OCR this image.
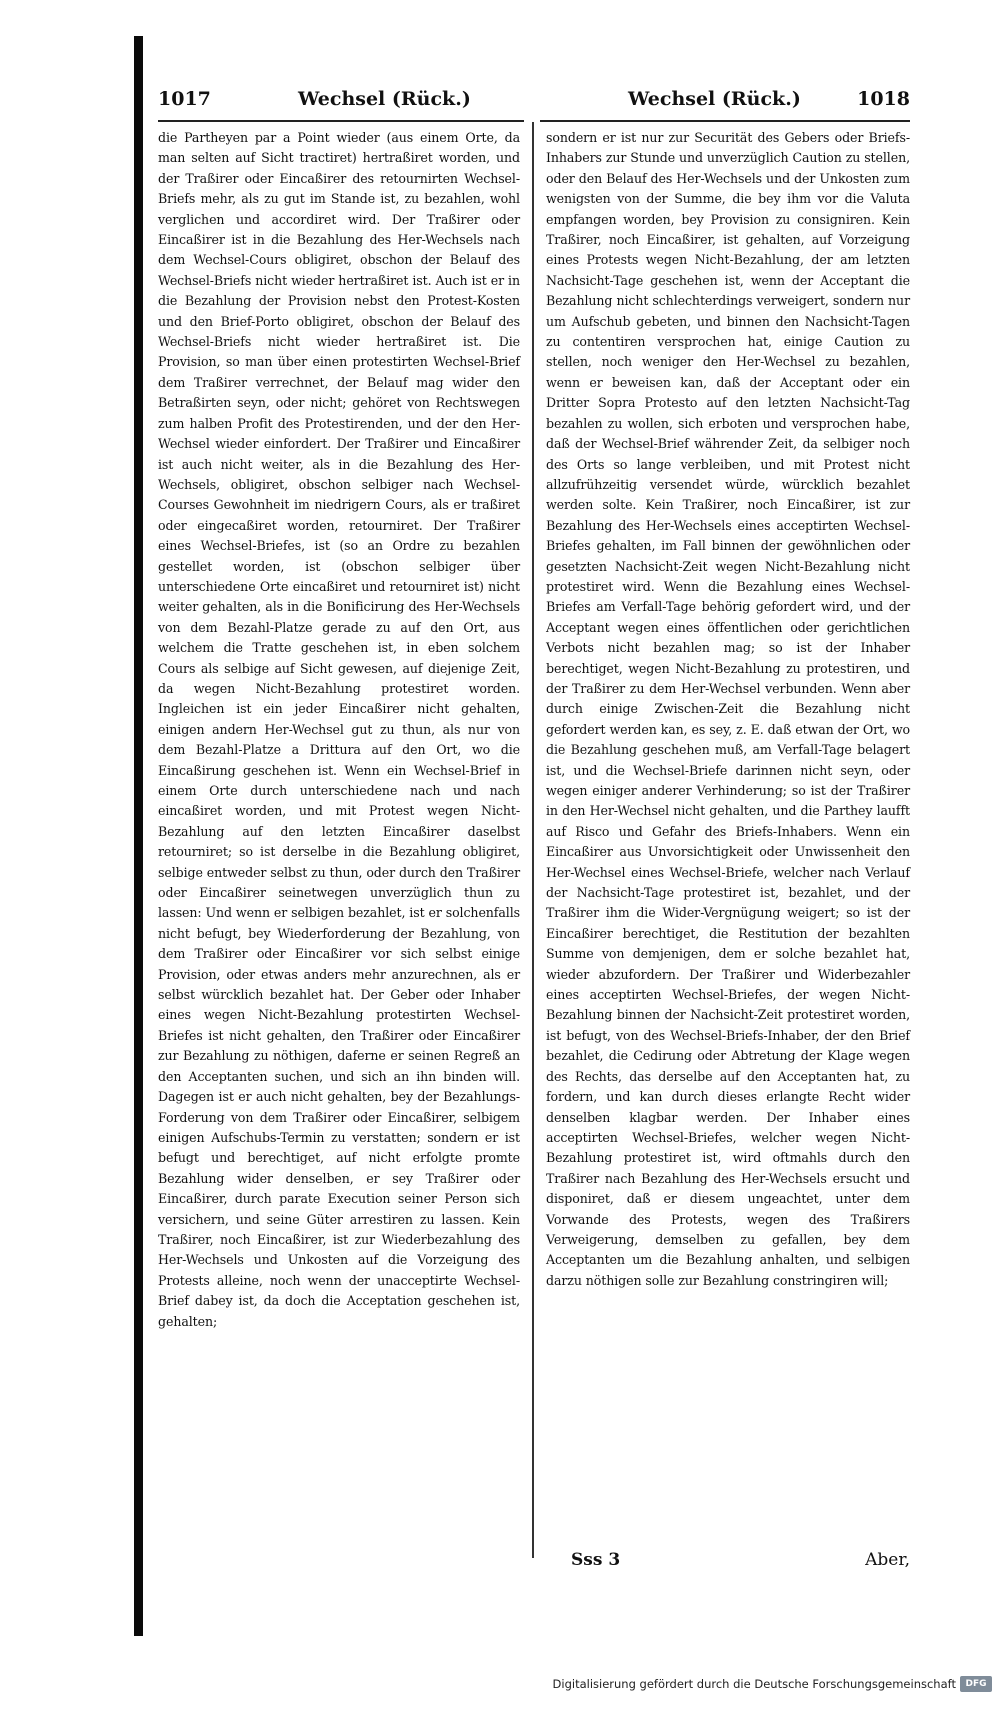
1017	Wechsel (Rück.)	Wechsel (Rück.)	1018
die Partheyen par a Point wieder (aus einem Orte, da man selten auf Sicht tractiret) hertraßiret worden, und der Traßirer oder Eincaßirer des retournirten Wechsel-Briefs mehr, als zu gut im Stande ist, zu bezahlen, wohl verglichen und accordiret wird. Der Traßirer oder Eincaßirer ist in die Bezahlung des Her-Wechsels nach dem Wechsel-Cours obligiret, obschon der Belauf des Wechsel-Briefs nicht wieder hertraßiret ist. Auch ist er in die Bezahlung der Provision nebst den Protest-Kosten und den Brief-Porto obligiret, obschon der Belauf des Wechsel-Briefs nicht wieder hertraßiret ist. Die Provision, so man über einen protestirten Wechsel-Brief dem Traßirer verrechnet, der Belauf mag wider den Betraßirten seyn, oder nicht; gehöret von Rechtswegen zum halben Profit des Protestirenden, und der den Her-Wechsel wieder einfordert. Der Traßirer und Eincaßirer ist auch nicht weiter, als in die Bezahlung des Her-Wechsels, obligiret, obschon selbiger nach Wechsel-Courses Gewohnheit im niedrigern Cours, als er traßiret oder eingecaßiret worden, retourniret. Der Traßirer eines Wechsel-Briefes, ist (so an Ordre zu bezahlen gestellet worden, ist (obschon selbiger über unterschiedene Orte eincaßiret und retourniret ist) nicht weiter gehalten, als in die Bonificirung des Her-Wechsels von dem Bezahl-Platze gerade zu auf den Ort, aus welchem die Tratte geschehen ist, in eben solchem Cours als selbige auf Sicht gewesen, auf diejenige Zeit, da wegen Nicht-Bezahlung protestiret worden. Ingleichen ist ein jeder Eincaßirer nicht gehalten, einigen andern Her-Wechsel gut zu thun, als nur von dem Bezahl-Platze a Drittura auf den Ort, wo die Eincaßirung geschehen ist. Wenn ein Wechsel-Brief in einem Orte durch unterschiedene nach und nach eincaßiret worden, und mit Protest wegen Nicht-Bezahlung auf den letzten Eincaßirer daselbst retourniret; so ist derselbe in die Bezahlung obligiret, selbige entweder selbst zu thun, oder durch den Traßirer oder Eincaßirer seinetwegen unverzüglich thun zu lassen: Und wenn er selbigen bezahlet, ist er solchenfalls nicht befugt, bey Wiederforderung der Bezahlung, von dem Traßirer oder Eincaßirer vor sich selbst einige Provision, oder etwas anders mehr anzurechnen, als er selbst würcklich bezahlet hat. Der Geber oder Inhaber eines wegen Nicht-Bezahlung protestirten Wechsel-Briefes ist nicht gehalten, den Traßirer oder Eincaßirer zur Bezahlung zu nöthigen, daferne er seinen Regreß an den Acceptanten suchen, und sich an ihn binden will. Dagegen ist er auch nicht gehalten, bey der Bezahlungs-Forderung von dem Traßirer oder Eincaßirer, selbigem einigen Aufschubs-Termin zu verstatten; sondern er ist befugt und berechtiget, auf nicht erfolgte promte Bezahlung wider denselben, er sey Traßirer oder Eincaßirer, durch parate Execution seiner Person sich versichern, und seine Güter arrestiren zu lassen. Kein Traßirer, noch Eincaßirer, ist zur Wiederbezahlung des Her-Wechsels und Unkosten auf die Vorzeigung des Protests alleine, noch wenn der unacceptirte Wechsel-Brief dabey ist, da doch die Acceptation geschehen ist, gehalten;
sondern er ist nur zur Securität des Gebers oder Briefs-Inhabers zur Stunde und unverzüglich Caution zu stellen, oder den Belauf des Her-Wechsels und der Unkosten zum wenigsten von der Summe, die bey ihm vor die Valuta empfangen worden, bey Provision zu consigniren. Kein Traßirer, noch Eincaßirer, ist gehalten, auf Vorzeigung eines Protests wegen Nicht-Bezahlung, der am letzten Nachsicht-Tage geschehen ist, wenn der Acceptant die Bezahlung nicht schlechterdings verweigert, sondern nur um Aufschub gebeten, und binnen den Nachsicht-Tagen zu contentiren versprochen hat, einige Caution zu stellen, noch weniger den Her-Wechsel zu bezahlen, wenn er beweisen kan, daß der Acceptant oder ein Dritter Sopra Protesto auf den letzten Nachsicht-Tag bezahlen zu wollen, sich erboten und versprochen habe, daß der Wechsel-Brief währender Zeit, da selbiger noch des Orts so lange verbleiben, und mit Protest nicht allzufrühzeitig versendet würde, würcklich bezahlet werden solte. Kein Traßirer, noch Eincaßirer, ist zur Bezahlung des Her-Wechsels eines acceptirten Wechsel-Briefes gehalten, im Fall binnen der gewöhnlichen oder gesetzten Nachsicht-Zeit wegen Nicht-Bezahlung nicht protestiret wird. Wenn die Bezahlung eines Wechsel-Briefes am Verfall-Tage behörig gefordert wird, und der Acceptant wegen eines öffentlichen oder gerichtlichen Verbots nicht bezahlen mag; so ist der Inhaber berechtiget, wegen Nicht-Bezahlung zu protestiren, und der Traßirer zu dem Her-Wechsel verbunden. Wenn aber durch einige Zwischen-Zeit die Bezahlung nicht gefordert werden kan, es sey, z. E. daß etwan der Ort, wo die Bezahlung geschehen muß, am Verfall-Tage belagert ist, und die Wechsel-Briefe darinnen nicht seyn, oder wegen einiger anderer Verhinderung; so ist der Traßirer in den Her-Wechsel nicht gehalten, und die Parthey laufft auf Risco und Gefahr des Briefs-Inhabers. Wenn ein Eincaßirer aus Unvorsichtigkeit oder Unwissenheit den Her-Wechsel eines Wechsel-Briefe, welcher nach Verlauf der Nachsicht-Tage protestiret ist, bezahlet, und der Traßirer ihm die Wider-Vergnügung weigert; so ist der Eincaßirer berechtiget, die Restitution der bezahlten Summe von demjenigen, dem er solche bezahlet hat, wieder abzufordern. Der Traßirer und Widerbezahler eines acceptirten Wechsel-Briefes, der wegen Nicht-Bezahlung binnen der Nachsicht-Zeit protestiret worden, ist befugt, von des Wechsel-Briefs-Inhaber, der den Brief bezahlet, die Cedirung oder Abtretung der Klage wegen des Rechts, das derselbe auf den Acceptanten hat, zu fordern, und kan durch dieses erlangte Recht wider denselben klagbar werden. Der Inhaber eines acceptirten Wechsel-Briefes, welcher wegen Nicht-Bezahlung protestiret ist, wird oftmahls durch den Traßirer nach Bezahlung des Her-Wechsels ersucht und disponiret, daß er diesem ungeachtet, unter dem Vorwande des Protests, wegen des Traßirers Verweigerung, demselben zu gefallen, bey dem Acceptanten um die Bezahlung anhalten, und selbigen darzu nöthigen solle zur Bezahlung constringiren will;
Sss 3	Aber,
Digitalisierung gefördert durch die Deutsche Forschungsgemeinschaft	DFG
